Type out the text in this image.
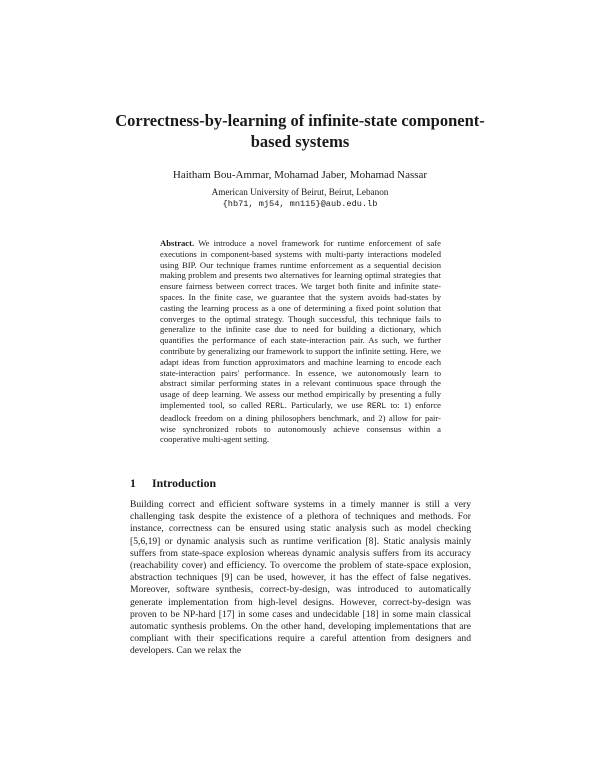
Correctness-by-learning of infinite-state component-based systems
Haitham Bou-Ammar, Mohamad Jaber, Mohamad Nassar
American University of Beirut, Beirut, Lebanon
{hb71, mj54, mn115}@aub.edu.lb

Abstract. We introduce a novel framework for runtime enforcement of safe executions in component-based systems with multi-party interactions modeled using BIP. Our technique frames runtime enforcement as a sequential decision making problem and presents two alternatives for learning optimal strategies that ensure fairness between correct traces. We target both finite and infinite state-spaces. In the finite case, we guarantee that the system avoids bad-states by casting the learning process as a one of determining a fixed point solution that converges to the optimal strategy. Though successful, this technique fails to generalize to the infinite case due to need for building a dictionary, which quantifies the performance of each state-interaction pair. As such, we further contribute by generalizing our framework to support the infinite setting. Here, we adapt ideas from function approximators and machine learning to encode each state-interaction pairs' performance. In essence, we autonomously learn to abstract similar performing states in a relevant continuous space through the usage of deep learning. We assess our method empirically by presenting a fully implemented tool, so called RERL. Particularly, we use RERL to: 1) enforce deadlock freedom on a dining philosophers benchmark, and 2) allow for pair-wise synchronized robots to autonomously achieve consensus within a cooperative multi-agent setting.

1 Introduction

Building correct and efficient software systems in a timely manner is still a very challenging task despite the existence of a plethora of techniques and methods. For instance, correctness can be ensured using static analysis such as model checking [5,6,19] or dynamic analysis such as runtime verification [8]. Static analysis mainly suffers from state-space explosion whereas dynamic analysis suffers from its accuracy (reachability cover) and efficiency. To overcome the problem of state-space explosion, abstraction techniques [9] can be used, however, it has the effect of false negatives. Moreover, software synthesis, correct-by-design, was introduced to automatically generate implementation from high-level designs. However, correct-by-design was proven to be NP-hard [17] in some cases and undecidable [18] in some main classical automatic synthesis problems. On the other hand, developing implementations that are compliant with their specifications require a careful attention from designers and developers. Can we relax the
